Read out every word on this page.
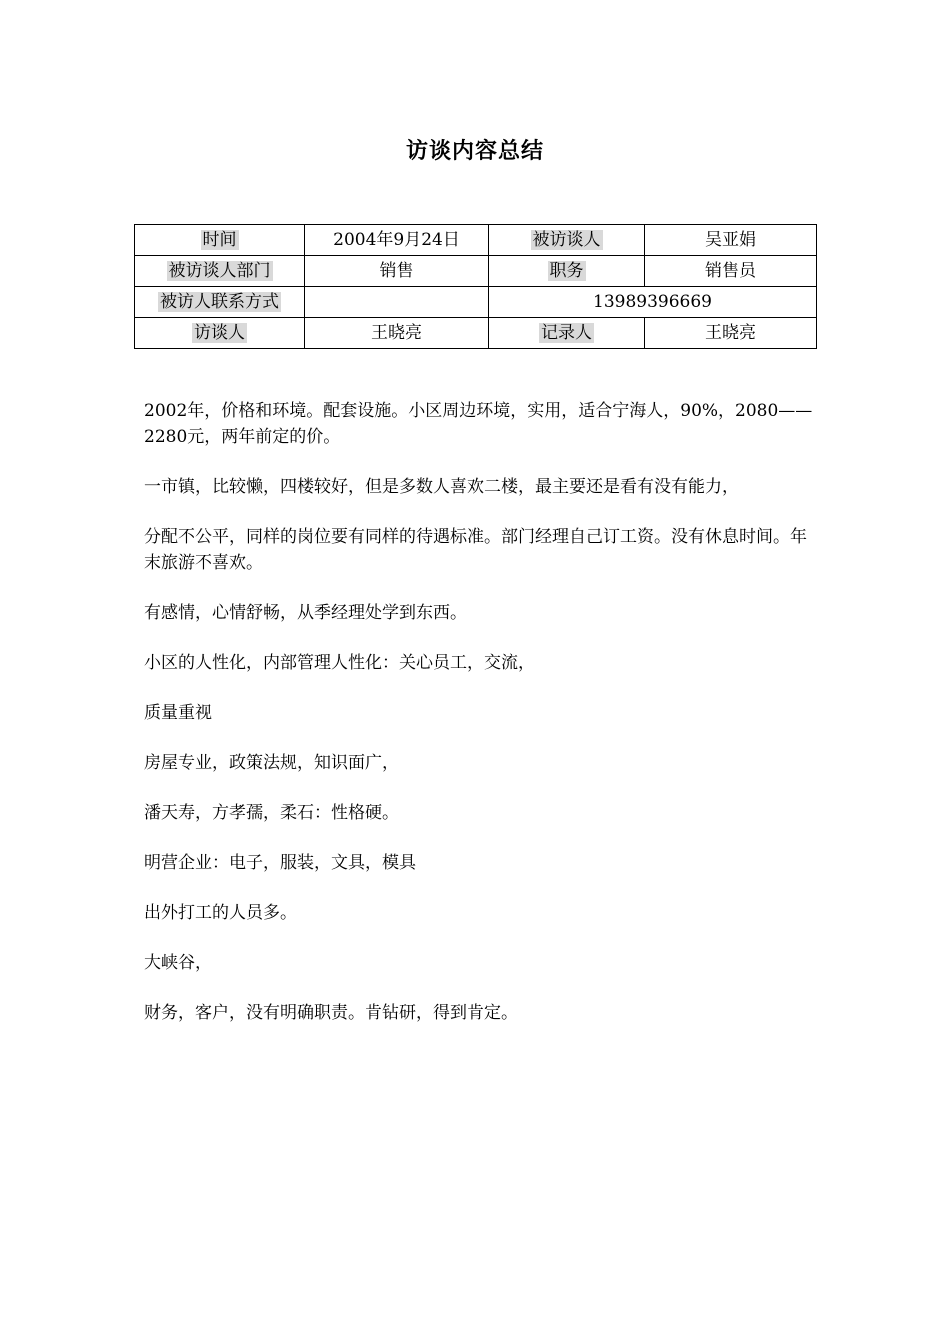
访谈内容总结
时间	2004年9月24日	被访谈人	吴亚娟
被访谈人部门	销售	职务	销售员
被访人联系方式		13989396669	
访谈人	王晓亮	记录人	王晓亮

2002年，价格和环境。配套设施。小区周边环境，实用，适合宁海人，90%，2080——2280元，两年前定的价。

一市镇，比较懒，四楼较好，但是多数人喜欢二楼，最主要还是看有没有能力，

分配不公平，同样的岗位要有同样的待遇标准。部门经理自己订工资。没有休息时间。年末旅游不喜欢。

有感情，心情舒畅，从季经理处学到东西。

小区的人性化，内部管理人性化：关心员工，交流，

质量重视

房屋专业，政策法规，知识面广，

潘天寿，方孝孺，柔石：性格硬。

明营企业：电子，服装，文具，模具

出外打工的人员多。

大峡谷，

财务，客户，没有明确职责。肯钻研，得到肯定。
